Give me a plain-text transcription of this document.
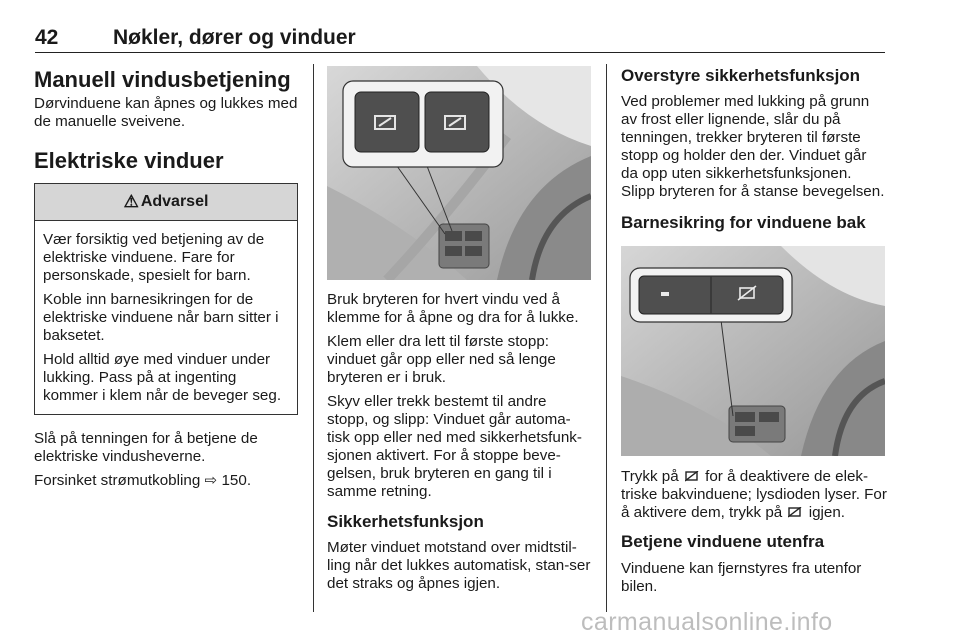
42	Nøkler, dører og vinduer
Manuell vindusbetjening

Dørvinduene kan åpnes og lukkes med de manuelle sveivene.

Elektriske vinduer
⚠ Advarsel

Vær forsiktig ved betjening av de elektriske vinduene. Fare for personskade, spesielt for barn.

Koble inn barnesikringen for de elektriske vinduene når barn sitter i baksetet.

Hold alltid øye med vinduer under lukking. Pass på at ingenting kommer i klem når de beveger seg.

Slå på tenningen for å betjene de elektriske vindusheverne.

Forsinket strømutkobling ⇨ 150.

Bruk bryteren for hvert vindu ved å klemme for å åpne og dra for å lukke.

Klem eller dra lett til første stopp: vinduet går opp eller ned så lenge bryteren er i bruk.

Skyv eller trekk bestemt til andre stopp, og slipp: Vinduet går automa-tisk opp eller ned med sikkerhetsfunk-sjonen aktivert. For å stoppe beve-gelsen, bruk bryteren en gang til i samme retning.

Sikkerhetsfunksjon

Møter vinduet motstand over midtstil-ling når det lukkes automatisk, stan-ser det straks og åpnes igjen.

Overstyre sikkerhetsfunksjon

Ved problemer med lukking på grunn av frost eller lignende, slår du på tenningen, trekker bryteren til første stopp og holder den der. Vinduet går da opp uten sikkerhetsfunksjonen. Slipp bryteren for å stanse bevegelsen.

Barnesikring for vinduene bak

Trykk på for å deaktivere de elek-triske bakvinduene; lysdioden lyser. For å aktivere dem, trykk på igjen.

Betjene vinduene utenfra

Vinduene kan fjernstyres fra utenfor bilen.

carmanualsonline.info
